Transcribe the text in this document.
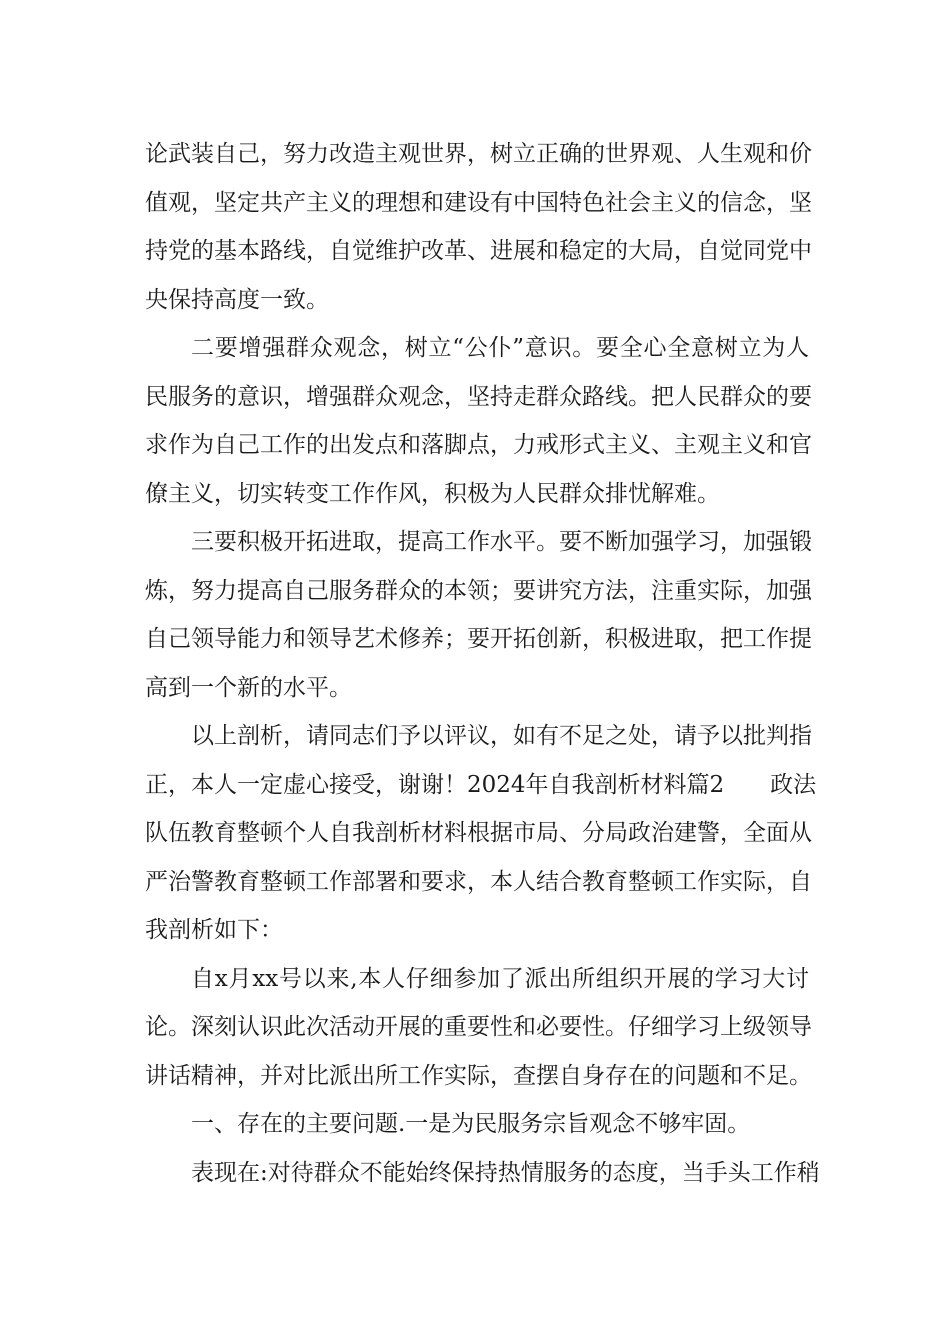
论武装自己，努力改造主观世界，树立正确的世界观、人生观和价
值观，坚定共产主义的理想和建设有中国特色社会主义的信念，坚
持党的基本路线，自觉维护改革、进展和稳定的大局，自觉同党中
央保持高度一致。
二要增强群众观念，树立“公仆”意识。要全心全意树立为人
民服务的意识，增强群众观念，坚持走群众路线。把人民群众的要
求作为自己工作的出发点和落脚点，力戒形式主义、主观主义和官
僚主义，切实转变工作作风，积极为人民群众排忧解难。
三要积极开拓进取，提高工作水平。要不断加强学习，加强锻
炼，努力提高自己服务群众的本领；要讲究方法，注重实际，加强
自己领导能力和领导艺术修养；要开拓创新，积极进取，把工作提
高到一个新的水平。
以上剖析，请同志们予以评议，如有不足之处，请予以批判指
正，本人一定虚心接受，谢谢！2024年自我剖析材料篇2　　政法
队伍教育整顿个人自我剖析材料根据市局、分局政治建警，全面从
严治警教育整顿工作部署和要求，本人结合教育整顿工作实际，自
我剖析如下：
自x月xx号以来,本人仔细参加了派出所组织开展的学习大讨
论。深刻认识此次活动开展的重要性和必要性。仔细学习上级领导
讲话精神，并对比派出所工作实际，查摆自身存在的问题和不足。
一、存在的主要问题.一是为民服务宗旨观念不够牢固。
表现在:对待群众不能始终保持热情服务的态度，当手头工作稍
